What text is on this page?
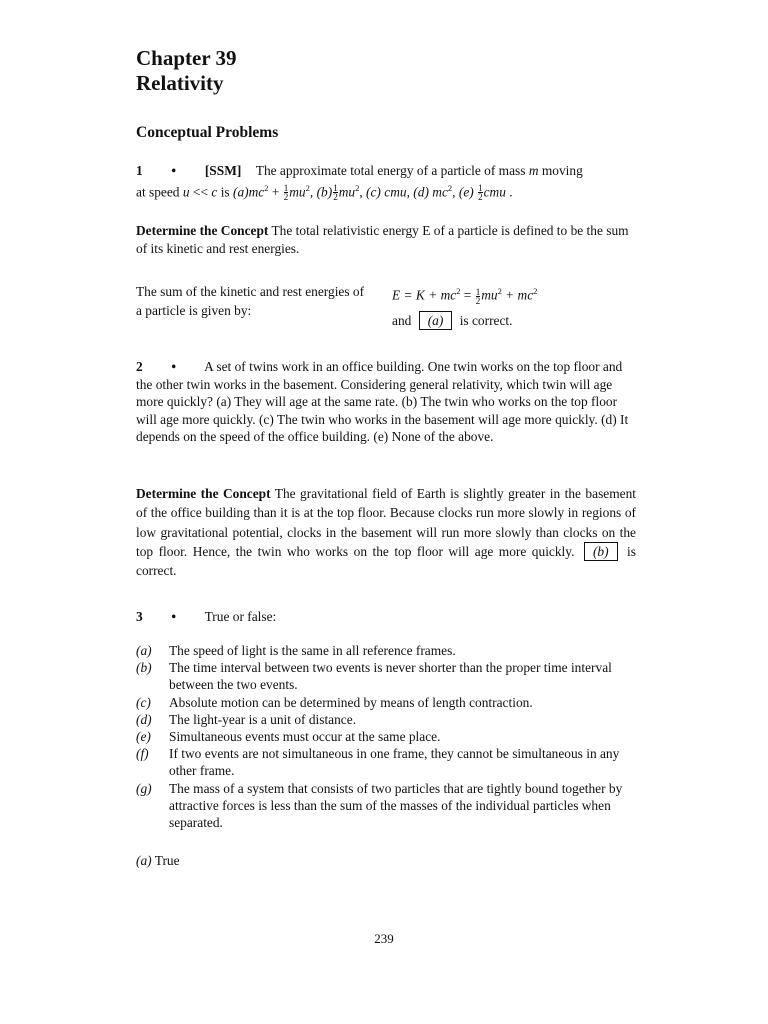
Chapter 39
Relativity
Conceptual Problems
1 • [SSM] The approximate total energy of a particle of mass m moving
at speed u << c is $(a)mc^2 + \frac{1}{2} mu^2$, $(b) \frac{1}{2} mu^2$, (c) cmu, (d) $mc^2$, $(e) \frac{1}{2}$ cmu .
Determine the Concept The total relativistic energy E of a particle is defined to be the sum of its kinetic and rest energies.
The sum of the kinetic and rest energies of a particle is given by:
$E = K + mc^2 = \frac{1}{2} mu^2 + mc^2$
and (a) is correct.
2 • A set of twins work in an office building. One twin works on the top floor and the other twin works in the basement. Considering general relativity, which twin will age more quickly? (a) They will age at the same rate. (b) The twin who works on the top floor will age more quickly. (c) The twin who works in the basement will age more quickly. (d) It depends on the speed of the office building. (e) None of the above.
Determine the Concept The gravitational field of Earth is slightly greater in the basement of the office building than it is at the top floor. Because clocks run more slowly in regions of low gravitational potential, clocks in the basement will run more slowly than clocks on the top floor. Hence, the twin who works on the top floor will age more quickly. (b) is correct.
3 • True or false:
(a)	The speed of light is the same in all reference frames.
(b)	The time interval between two events is never shorter than the proper time interval between the two events.
(c)	Absolute motion can be determined by means of length contraction.
(d)	The light-year is a unit of distance.
(e)	Simultaneous events must occur at the same place.
(f)	If two events are not simultaneous in one frame, they cannot be simultaneous in any other frame.
(g)	The mass of a system that consists of two particles that are tightly bound together by attractive forces is less than the sum of the masses of the individual particles when separated.
(a) True
239
